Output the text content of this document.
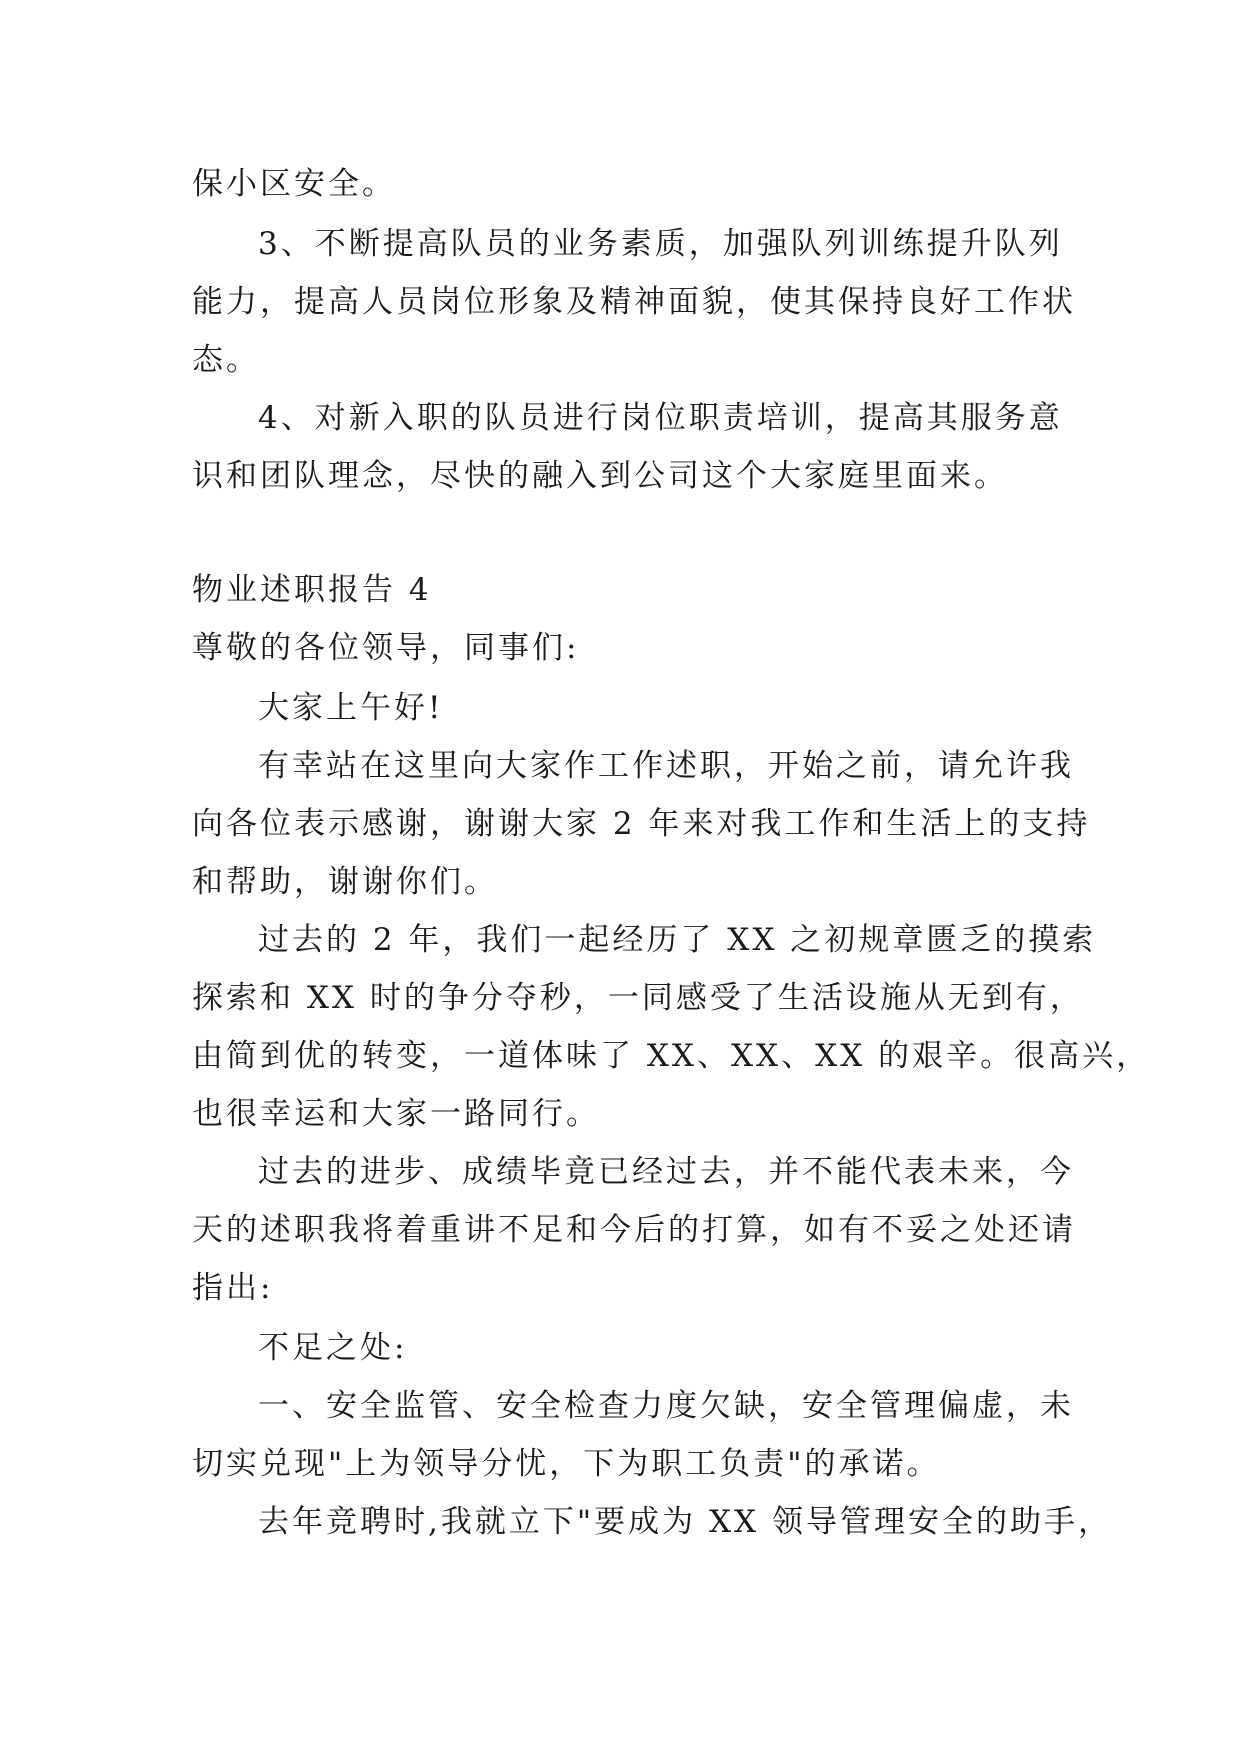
保小区安全。
3、不断提高队员的业务素质，加强队列训练提升队列
能力，提高人员岗位形象及精神面貌，使其保持良好工作状
态。
4、对新入职的队员进行岗位职责培训，提高其服务意
识和团队理念，尽快的融入到公司这个大家庭里面来。
物业述职报告 4
尊敬的各位领导，同事们:
大家上午好!
有幸站在这里向大家作工作述职，开始之前，请允许我
向各位表示感谢，谢谢大家 2 年来对我工作和生活上的支持
和帮助，谢谢你们。
过去的 2 年，我们一起经历了 XX 之初规章匮乏的摸索
探索和 XX 时的争分夺秒，一同感受了生活设施从无到有，
由简到优的转变，一道体味了 XX、XX、XX 的艰辛。很高兴，
也很幸运和大家一路同行。
过去的进步、成绩毕竟已经过去，并不能代表未来，今
天的述职我将着重讲不足和今后的打算，如有不妥之处还请
指出:
不足之处:
一、安全监管、安全检查力度欠缺，安全管理偏虚，未
切实兑现"上为领导分忧，下为职工负责"的承诺。
去年竞聘时,我就立下"要成为 XX 领导管理安全的助手，
